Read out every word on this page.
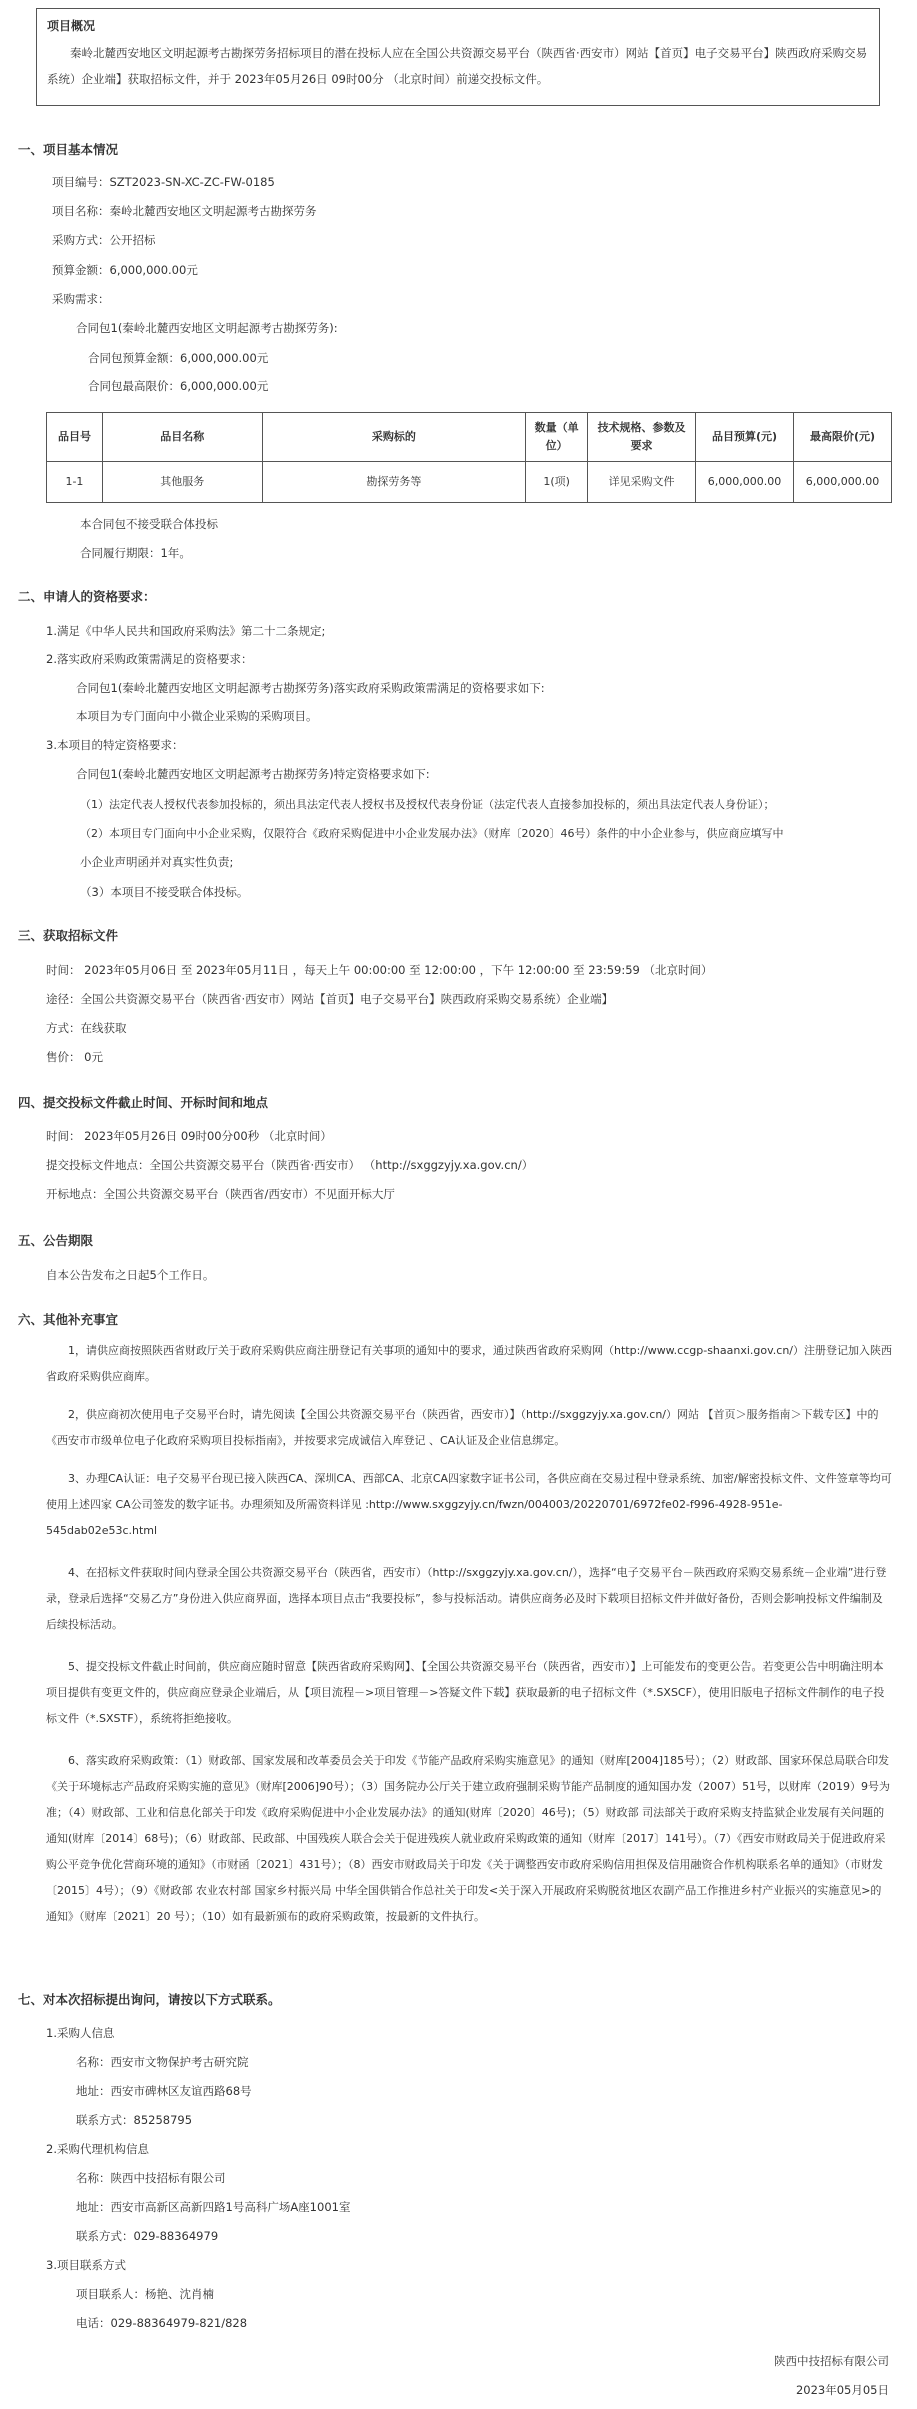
项目概况
秦岭北麓西安地区文明起源考古勘探劳务招标项目的潜在投标人应在全国公共资源交易平台（陕西省·西安市）网站【首页】电子交易平台】陕西政府采购交易系统）企业端】获取招标文件，并于 2023年05月26日 09时00分 （北京时间）前递交投标文件。
一、项目基本情况
项目编号：SZT2023-SN-XC-ZC-FW-0185
项目名称：秦岭北麓西安地区文明起源考古勘探劳务
采购方式：公开招标
预算金额：6,000,000.00元
采购需求：
合同包1(秦岭北麓西安地区文明起源考古勘探劳务):
合同包预算金额：6,000,000.00元
合同包最高限价：6,000,000.00元
品目号	品目名称	采购标的	数量（单位）	技术规格、参数及要求	品目预算(元)	最高限价(元)
1-1	其他服务	勘探劳务等	1(项)	详见采购文件	6,000,000.00	6,000,000.00
本合同包不接受联合体投标
合同履行期限：1年。
二、申请人的资格要求：
1.满足《中华人民共和国政府采购法》第二十二条规定;
2.落实政府采购政策需满足的资格要求：
合同包1(秦岭北麓西安地区文明起源考古勘探劳务)落实政府采购政策需满足的资格要求如下:
本项目为专门面向中小微企业采购的采购项目。
3.本项目的特定资格要求：
合同包1(秦岭北麓西安地区文明起源考古勘探劳务)特定资格要求如下:
（1）法定代表人授权代表参加投标的，须出具法定代表人授权书及授权代表身份证（法定代表人直接参加投标的，须出具法定代表人身份证）；
（2）本项目专门面向中小企业采购，仅限符合《政府采购促进中小企业发展办法》（财库〔2020〕46号）条件的中小企业参与，供应商应填写中
小企业声明函并对真实性负责;
（3）本项目不接受联合体投标。
三、获取招标文件
时间： 2023年05月06日 至 2023年05月11日 ，每天上午 00:00:00 至 12:00:00 ，下午 12:00:00 至 23:59:59 （北京时间）
途径：全国公共资源交易平台（陕西省·西安市）网站【首页】电子交易平台】陕西政府采购交易系统）企业端】
方式：在线获取
售价： 0元
四、提交投标文件截止时间、开标时间和地点
时间： 2023年05月26日 09时00分00秒 （北京时间）
提交投标文件地点：全国公共资源交易平台（陕西省·西安市） （http://sxggzyjy.xa.gov.cn/）
开标地点：全国公共资源交易平台（陕西省/西安市）不见面开标大厅
五、公告期限
自本公告发布之日起5个工作日。
六、其他补充事宜
1，请供应商按照陕西省财政厅关于政府采购供应商注册登记有关事项的通知中的要求，通过陕西省政府采购网（http://www.ccgp-shaanxi.gov.cn/）注册登记加入陕西省政府采购供应商库。
2，供应商初次使用电子交易平台时，请先阅读【全国公共资源交易平台（陕西省，西安市）】（http://sxggzyjy.xa.gov.cn/）网站 【首页＞服务指南＞下载专区】中的 《西安市市级单位电子化政府采购项目投标指南》，并按要求完成诚信入库登记 、CA认证及企业信息绑定。
3、办理CA认证：电子交易平台现已接入陕西CA、深圳CA、西部CA、北京CA四家数字证书公司，各供应商在交易过程中登录系统、加密/解密投标文件、文件签章等均可使用上述四家 CA公司签发的数字证书。办理须知及所需资料详见 :http://www.sxggzyjy.cn/fwzn/004003/20220701/6972fe02-f996-4928-951e-545dab02e53c.html
4、在招标文件获取时间内登录全国公共资源交易平台（陕西省，西安市）（http://sxggzyjy.xa.gov.cn/），选择“电子交易平台－陕西政府采购交易系统－企业端”进行登录，登录后选择“交易乙方”身份进入供应商界面，选择本项目点击“我要投标”，参与投标活动。请供应商务必及时下载项目招标文件并做好备份，否则会影响投标文件编制及后续投标活动。
5、提交投标文件截止时间前，供应商应随时留意【陕西省政府采购网】、【全国公共资源交易平台（陕西省，西安市）】上可能发布的变更公告。若变更公告中明确注明本项目提供有变更文件的，供应商应登录企业端后，从【项目流程－>项目管理－>答疑文件下载】获取最新的电子招标文件（*.SXSCF），使用旧版电子招标文件制作的电子投标文件（*.SXSTF），系统将拒绝接收。
6、落实政府采购政策：（1）财政部、国家发展和改革委员会关于印发《节能产品政府采购实施意见》的通知（财库[2004]185号）；（2）财政部、国家环保总局联合印发《关于环境标志产品政府采购实施的意见》（财库[2006]90号）；（3）国务院办公厅关于建立政府强制采购节能产品制度的通知国办发（2007）51号，以财库（2019）9号为准；（4）财政部、工业和信息化部关于印发《政府采购促进中小企业发展办法》的通知(财库〔2020〕46号)；（5）财政部 司法部关于政府采购支持监狱企业发展有关问题的 通知(财库〔2014〕68号)；（6）财政部、民政部、中国残疾人联合会关于促进残疾人就业政府采购政策的通知（财库〔2017〕141号）。（7）《西安市财政局关于促进政府采购公平竞争优化营商环境的通知》（市财函〔2021〕431号）；（8）西安市财政局关于印发《关于调整西安市政府采购信用担保及信用融资合作机构联系名单的通知》（市财发〔2015〕4号）；（9）《财政部 农业农村部 国家乡村振兴局 中华全国供销合作总社关于印发<关于深入开展政府采购脱贫地区农副产品工作推进乡村产业振兴的实施意见>的通知》（财库〔2021〕20 号）；（10）如有最新颁布的政府采购政策，按最新的文件执行。
七、对本次招标提出询问，请按以下方式联系。
1.采购人信息
名称：西安市文物保护考古研究院
地址：西安市碑林区友谊西路68号
联系方式：85258795
2.采购代理机构信息
名称：陕西中技招标有限公司
地址：西安市高新区高新四路1号高科广场A座1001室
联系方式：029-88364979
3.项目联系方式
项目联系人：杨艳、沈肖楠
电话：029-88364979-821/828
陕西中技招标有限公司
2023年05月05日
